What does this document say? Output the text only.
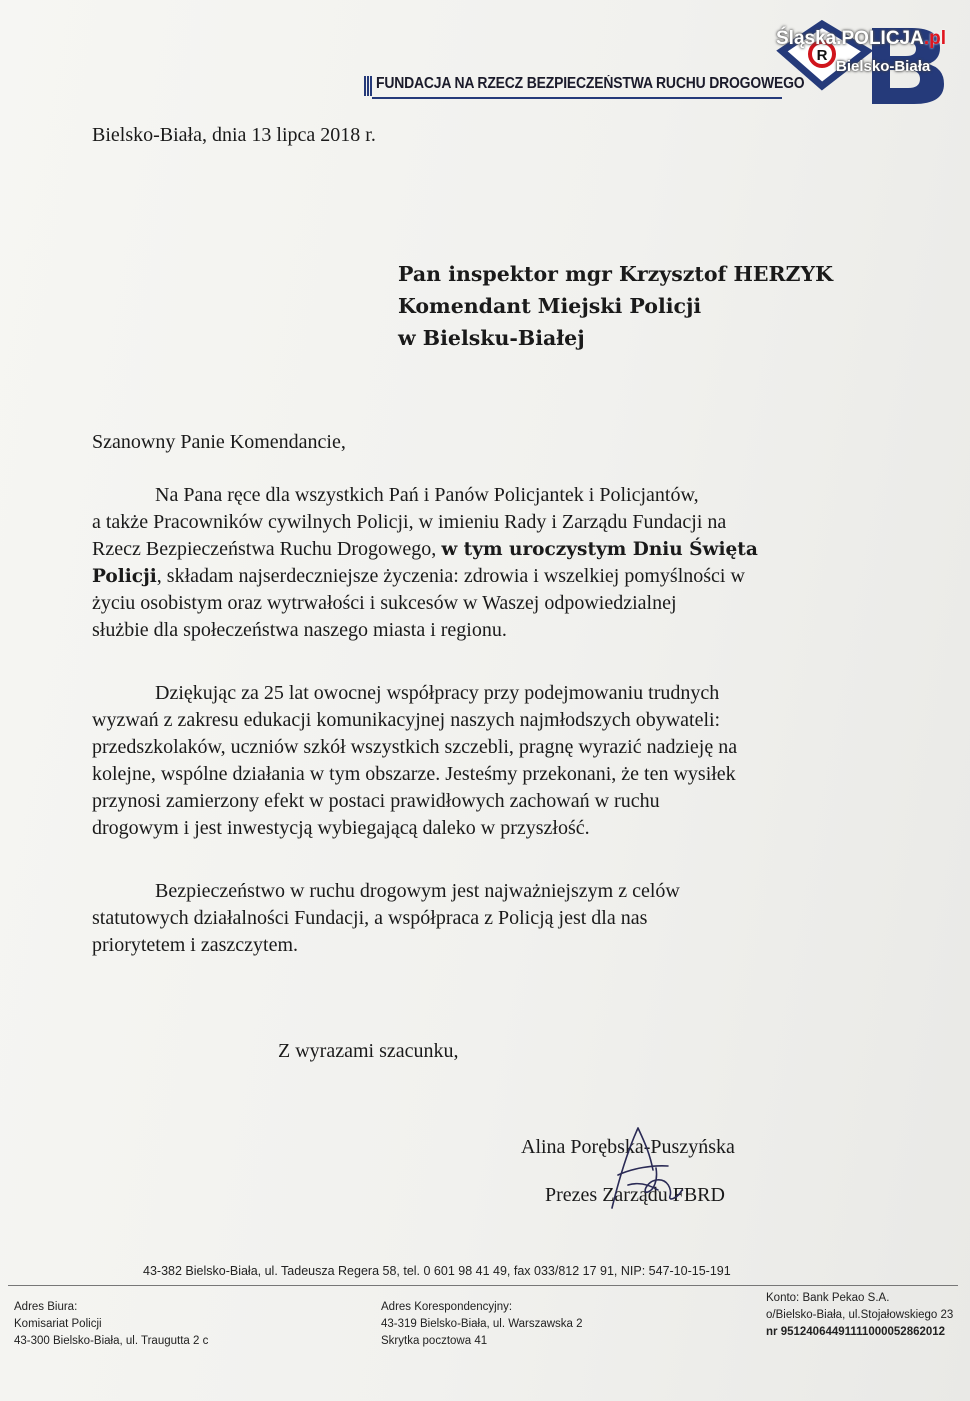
FUNDACJA NA RZECZ BEZPIECZEŃSTWA RUCHU DROGOWEGO
R
Śląska.POLICJA.pl
Bielsko-Biała
Bielsko-Biała, dnia 13 lipca 2018 r.
Pan inspektor mgr Krzysztof HERZYK
Komendant Miejski Policji
w Bielsku-Białej
Szanowny Panie Komendancie,
Na Pana ręce dla wszystkich Pań i Panów Policjantek i Policjantów,
a także Pracowników cywilnych Policji, w imieniu Rady i Zarządu Fundacji na
Rzecz Bezpieczeństwa Ruchu Drogowego, w tym uroczystym Dniu Święta
Policji, składam najserdeczniejsze życzenia: zdrowia i wszelkiej pomyślności w
życiu osobistym oraz wytrwałości i sukcesów w Waszej odpowiedzialnej
służbie dla społeczeństwa naszego miasta i regionu.
Dziękując za 25 lat owocnej współpracy przy podejmowaniu trudnych
wyzwań z zakresu edukacji komunikacyjnej naszych najmłodszych obywateli:
przedszkolaków, uczniów szkół wszystkich szczebli, pragnę wyrazić nadzieję na
kolejne, wspólne działania w tym obszarze. Jesteśmy przekonani, że ten wysiłek
przynosi zamierzony efekt w postaci prawidłowych zachowań w ruchu
drogowym i jest inwestycją wybiegającą daleko w przyszłość.
Bezpieczeństwo w ruchu drogowym jest najważniejszym z celów
statutowych działalności Fundacji, a współpraca z Policją jest dla nas
priorytetem i zaszczytem.
Z wyrazami szacunku,
Alina Porębska-Puszyńska
Prezes Zarządu FBRD
43-382 Bielsko-Biała, ul. Tadeusza Regera 58, tel. 0 601 98 41 49, fax 033/812 17 91, NIP: 547-10-15-191
Adres Biura:
Komisariat Policji
43-300 Bielsko-Biała, ul. Traugutta 2 c
Adres Korespondencyjny:
43-319 Bielsko-Biała, ul. Warszawska 2
Skrytka pocztowa 41
Konto: Bank Pekao S.A.
o/Bielsko-Biała, ul.Stojałowskiego 23
nr 95124064491111000052862012
